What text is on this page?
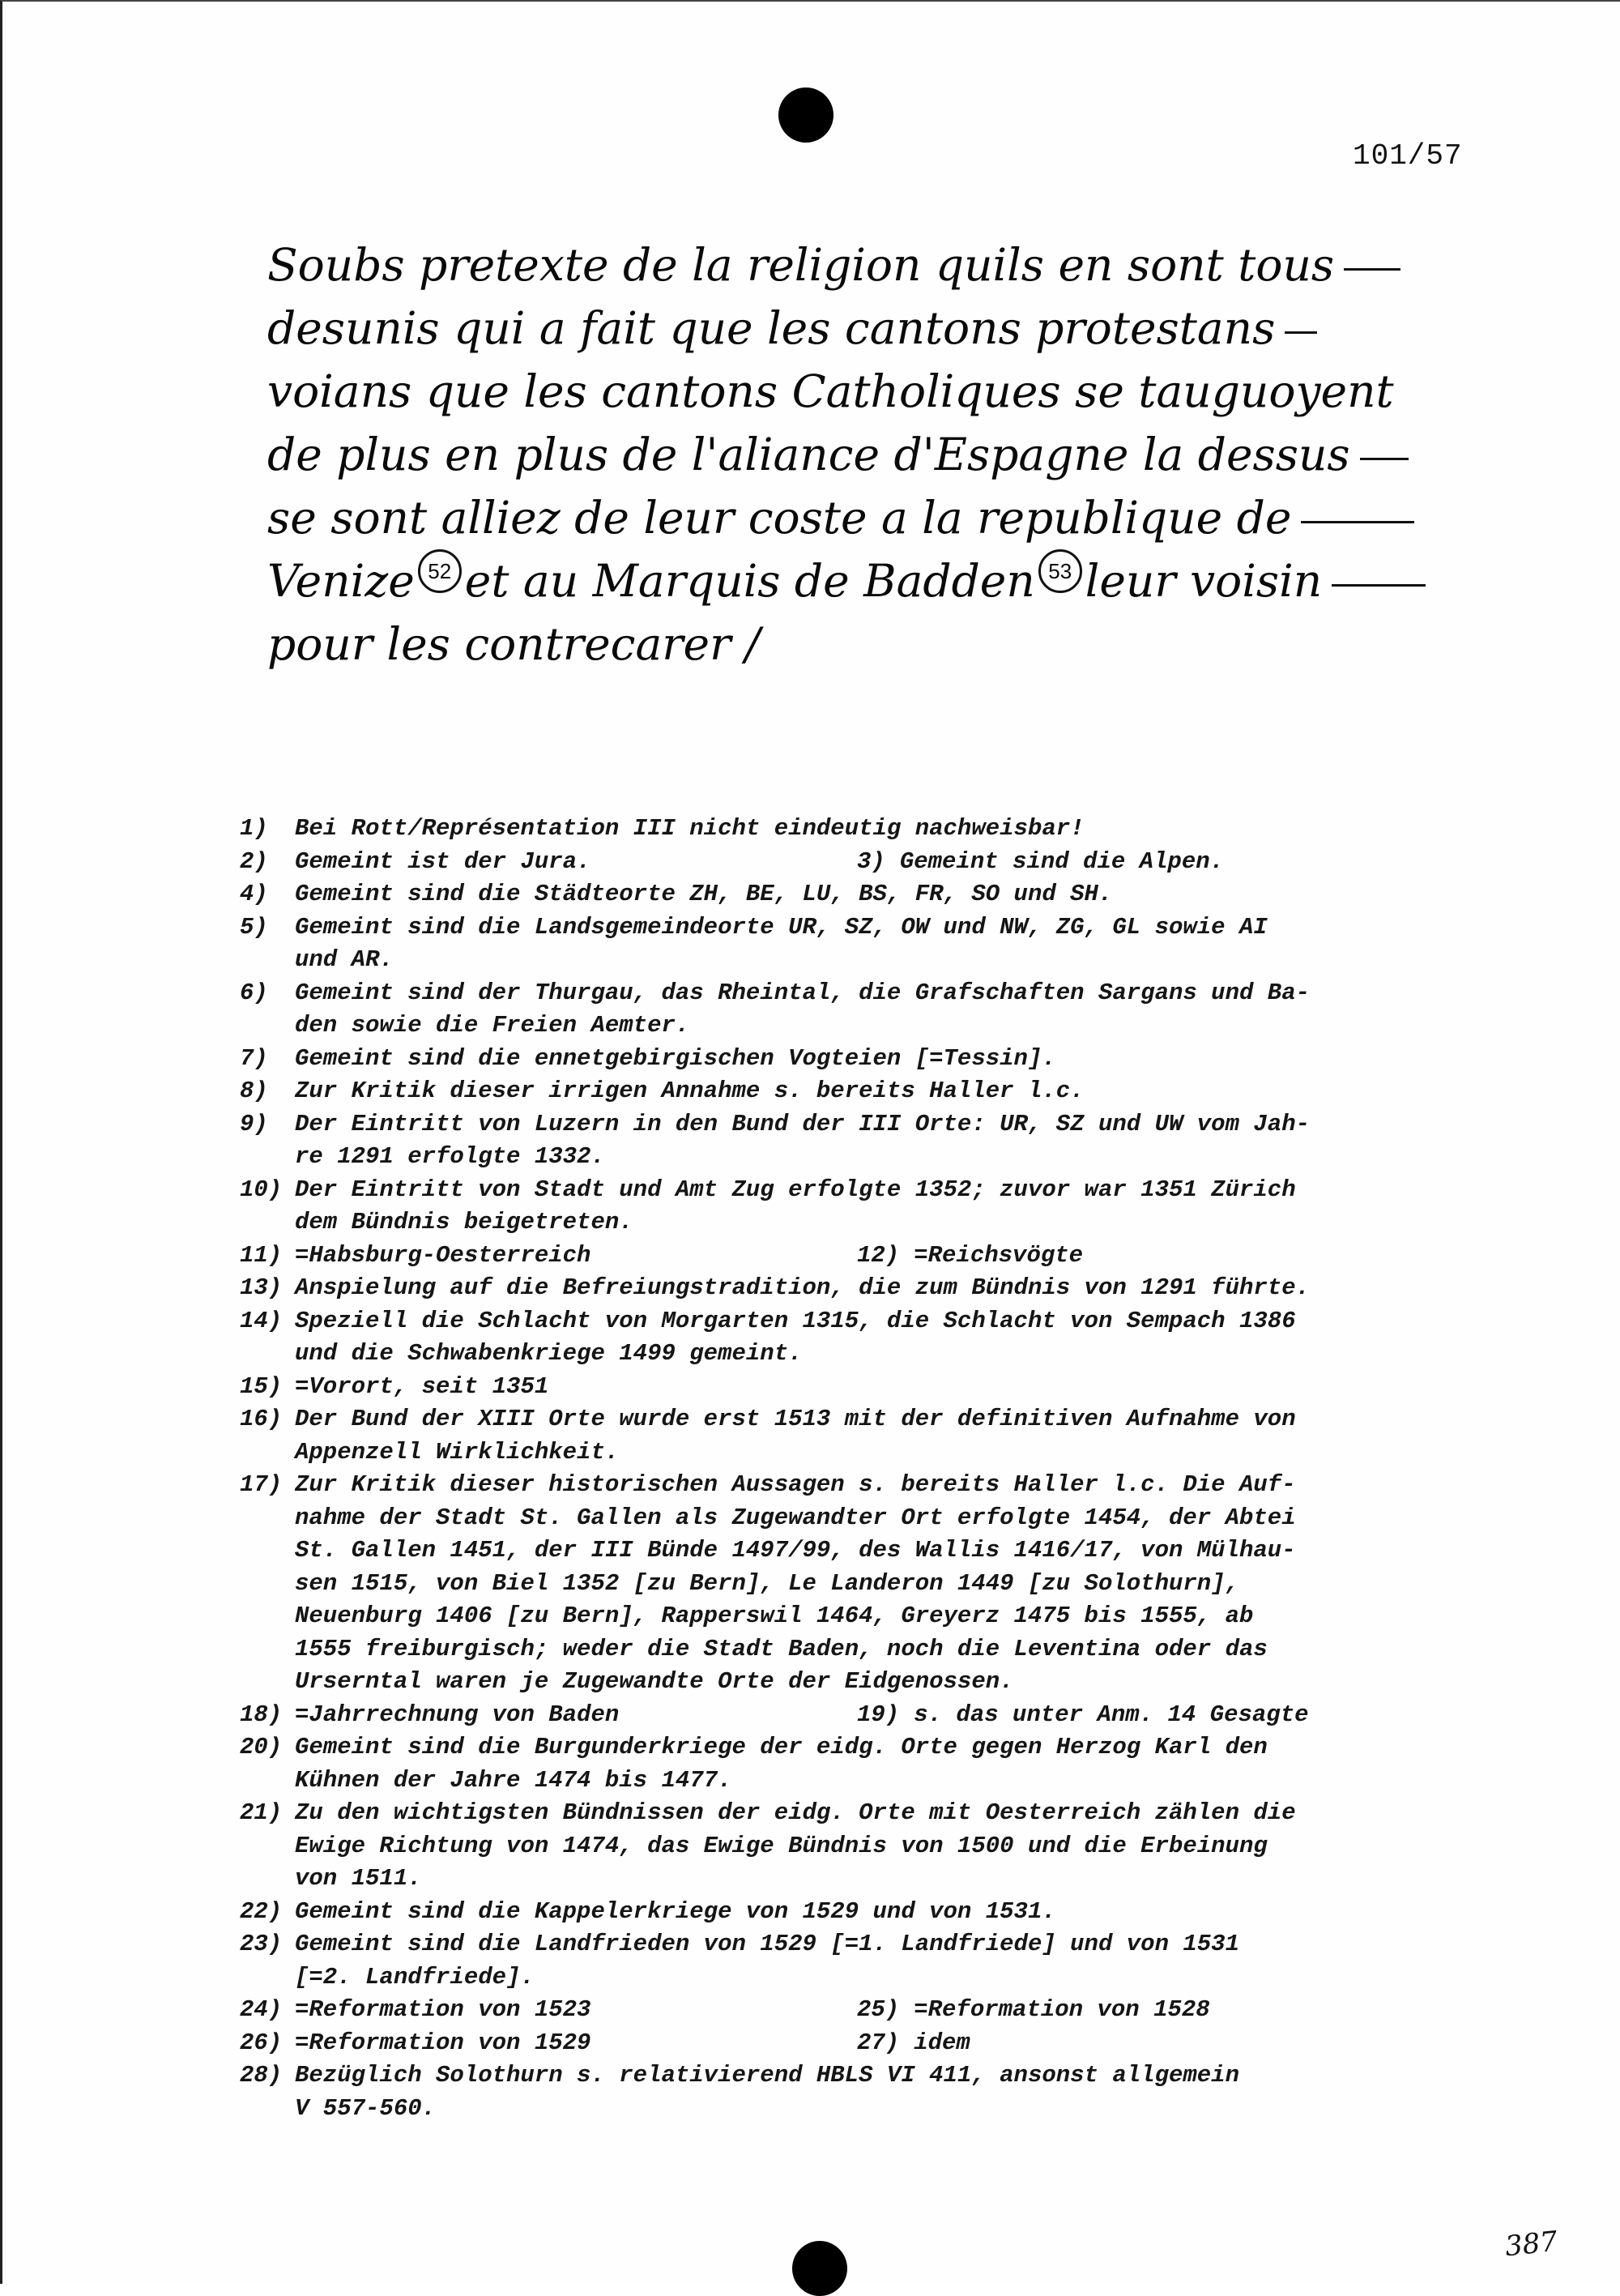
101/57
Soubs pretexte de la religion quils en sont tous
desunis qui a fait que les cantons protestans
voians que les cantons Catholiques se tauguoyent
de plus en plus de l'aliance d'Espagne la dessus
se sont alliez de leur coste a la republique de
Venize 52 et au Marquis de Badden 53 leur voisin
pour les contrecarer /
1)	Bei Rott/Représentation III nicht eindeutig nachweisbar!
2)	Gemeint ist der Jura.	3) Gemeint sind die Alpen.
4)	Gemeint sind die Städteorte ZH, BE, LU, BS, FR, SO und SH.
5)	Gemeint sind die Landsgemeindeorte UR, SZ, OW und NW, ZG, GL sowie AI
und AR.
6)	Gemeint sind der Thurgau, das Rheintal, die Grafschaften Sargans und Ba-
den sowie die Freien Aemter.
7)	Gemeint sind die ennetgebirgischen Vogteien [=Tessin].
8)	Zur Kritik dieser irrigen Annahme s. bereits Haller l.c.
9)	Der Eintritt von Luzern in den Bund der III Orte: UR, SZ und UW vom Jah-
re 1291 erfolgte 1332.
10) Der Eintritt von Stadt und Amt Zug erfolgte 1352; zuvor war 1351 Zürich
dem Bündnis beigetreten.
11) =Habsburg-Oesterreich	12) =Reichsvögte
13) Anspielung auf die Befreiungstradition, die zum Bündnis von 1291 führte.
14) Speziell die Schlacht von Morgarten 1315, die Schlacht von Sempach 1386
und die Schwabenkriege 1499 gemeint.
15) =Vorort, seit 1351
16) Der Bund der XIII Orte wurde erst 1513 mit der definitiven Aufnahme von
Appenzell Wirklichkeit.
17) Zur Kritik dieser historischen Aussagen s. bereits Haller l.c. Die Auf-
nahme der Stadt St. Gallen als Zugewandter Ort erfolgte 1454, der Abtei
St. Gallen 1451, der III Bünde 1497/99, des Wallis 1416/17, von Mülhau-
sen 1515, von Biel 1352 [zu Bern], Le Landeron 1449 [zu Solothurn],
Neuenburg 1406 [zu Bern], Rapperswil 1464, Greyerz 1475 bis 1555, ab
1555 freiburgisch; weder die Stadt Baden, noch die Leventina oder das
Urserntal waren je Zugewandte Orte der Eidgenossen.
18) =Jahrrechnung von Baden	19) s. das unter Anm. 14 Gesagte
20) Gemeint sind die Burgunderkriege der eidg. Orte gegen Herzog Karl den
Kühnen der Jahre 1474 bis 1477.
21) Zu den wichtigsten Bündnissen der eidg. Orte mit Oesterreich zählen die
Ewige Richtung von 1474, das Ewige Bündnis von 1500 und die Erbeinung
von 1511.
22) Gemeint sind die Kappelerkriege von 1529 und von 1531.
23) Gemeint sind die Landfrieden von 1529 [=1. Landfriede] und von 1531
[=2. Landfriede].
24) =Reformation von 1523	25) =Reformation von 1528
26) =Reformation von 1529	27) idem
28) Bezüglich Solothurn s. relativierend HBLS VI 411, ansonst allgemein
V 557-560.
387
